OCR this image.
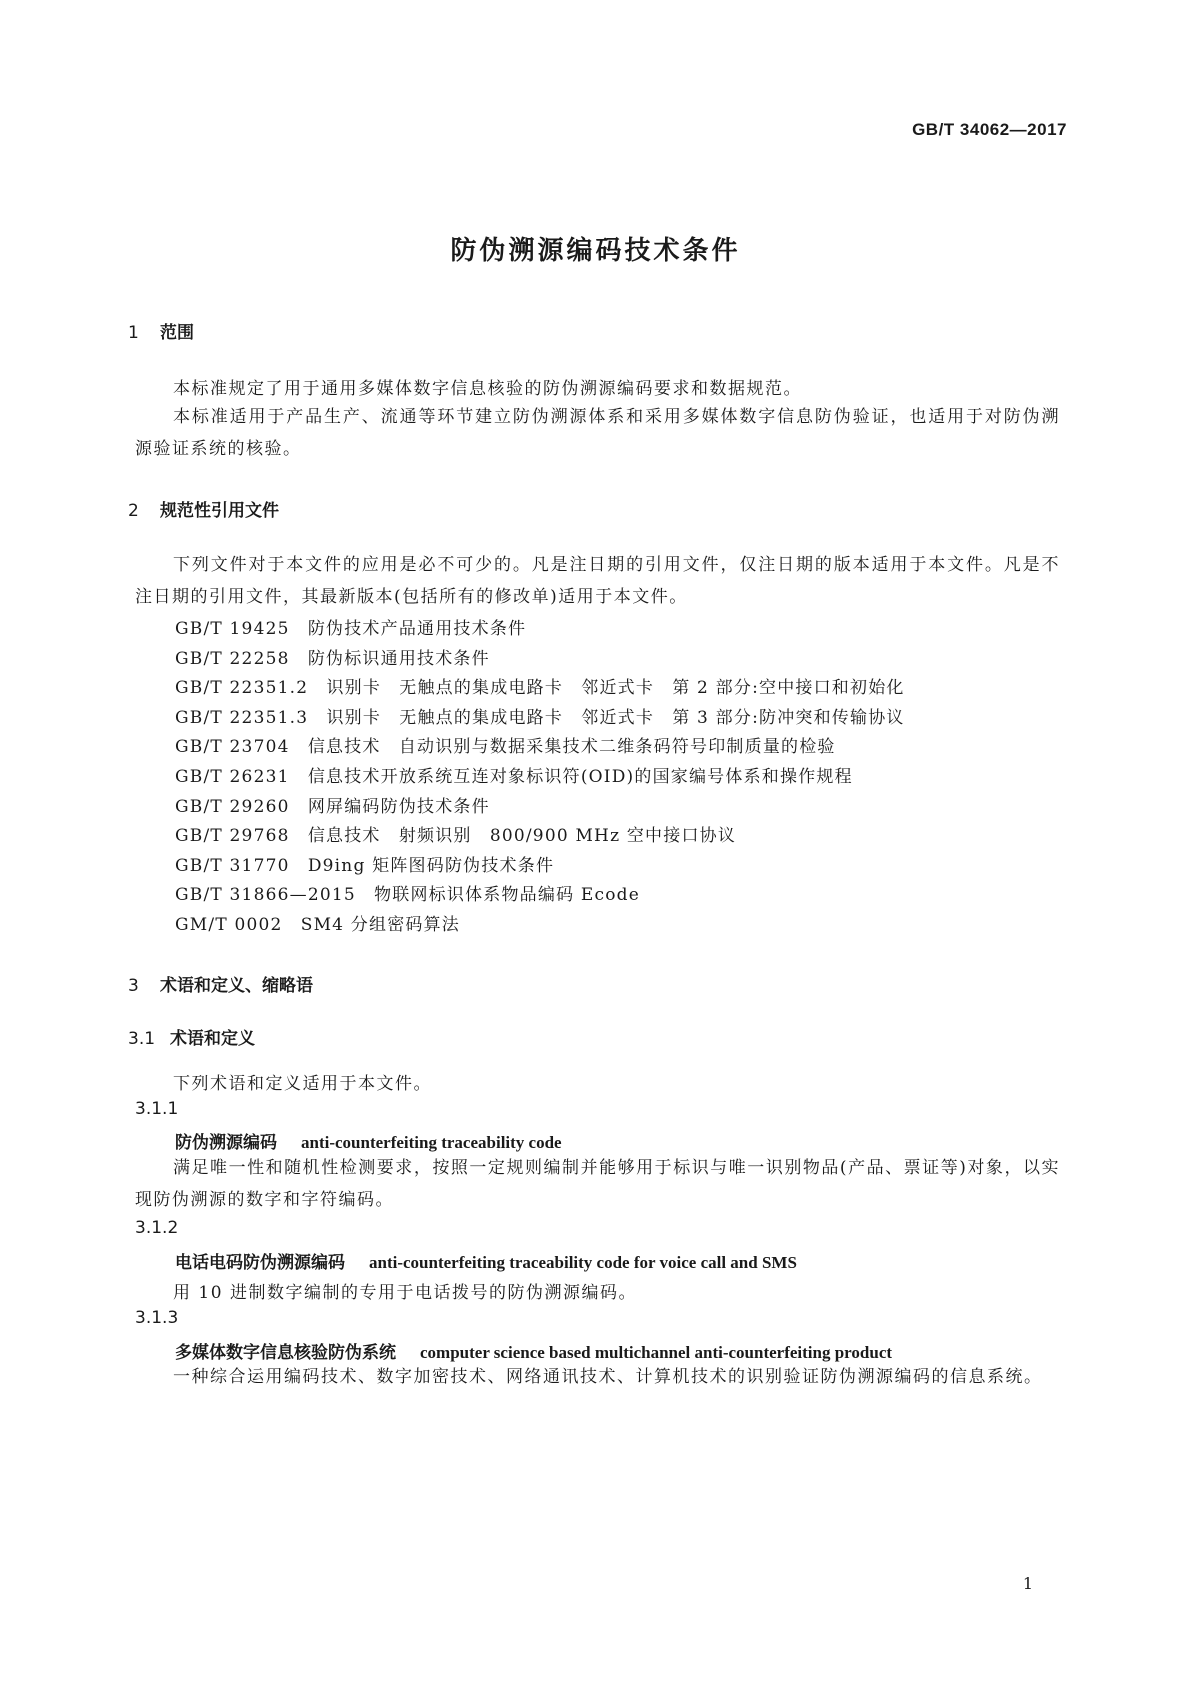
GB/T 34062—2017
防伪溯源编码技术条件
1 范围
本标准规定了用于通用多媒体数字信息核验的防伪溯源编码要求和数据规范。
本标准适用于产品生产、流通等环节建立防伪溯源体系和采用多媒体数字信息防伪验证，也适用于对防伪溯源验证系统的核验。
2 规范性引用文件
下列文件对于本文件的应用是必不可少的。凡是注日期的引用文件，仅注日期的版本适用于本文件。凡是不注日期的引用文件，其最新版本(包括所有的修改单)适用于本文件。
GB/T 19425　防伪技术产品通用技术条件
GB/T 22258　防伪标识通用技术条件
GB/T 22351.2　识别卡　无触点的集成电路卡　邻近式卡　第 2 部分:空中接口和初始化
GB/T 22351.3　识别卡　无触点的集成电路卡　邻近式卡　第 3 部分:防冲突和传输协议
GB/T 23704　信息技术　自动识别与数据采集技术二维条码符号印制质量的检验
GB/T 26231　信息技术开放系统互连对象标识符(OID)的国家编号体系和操作规程
GB/T 29260　网屏编码防伪技术条件
GB/T 29768　信息技术　射频识别　800/900 MHz 空中接口协议
GB/T 31770　D9ing 矩阵图码防伪技术条件
GB/T 31866—2015　物联网标识体系物品编码 Ecode
GM/T 0002　SM4 分组密码算法
3 术语和定义、缩略语
3.1 术语和定义
下列术语和定义适用于本文件。
3.1.1
防伪溯源编码 anti-counterfeiting traceability code
满足唯一性和随机性检测要求，按照一定规则编制并能够用于标识与唯一识别物品(产品、票证等)对象，以实现防伪溯源的数字和字符编码。
3.1.2
电话电码防伪溯源编码 anti-counterfeiting traceability code for voice call and SMS
用 10 进制数字编制的专用于电话拨号的防伪溯源编码。
3.1.3
多媒体数字信息核验防伪系统 computer science based multichannel anti-counterfeiting product
一种综合运用编码技术、数字加密技术、网络通讯技术、计算机技术的识别验证防伪溯源编码的信息系统。
1
